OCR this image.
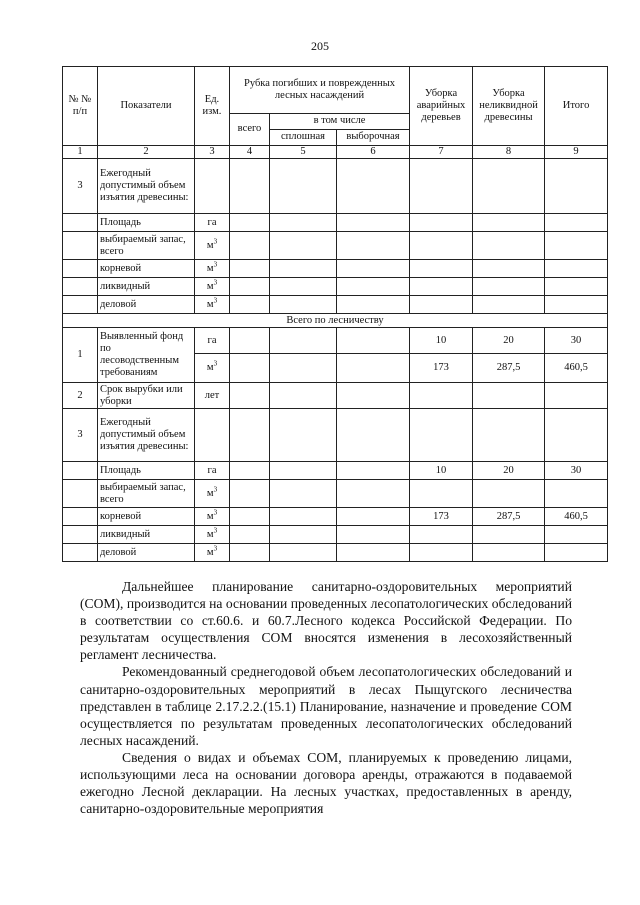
205
№ № п/п	Показатели	Ед. изм.	Рубка погибших и поврежденных лесных насаждений			Уборка аварийных деревьев	Уборка неликвидной древесины	Итого
			всего	в том числе				
				сплошная	выборочная			
1	2	3	4	5	6	7	8	9
3	Ежегодный допустимый объем изъятия древесины:							
	Площадь	га						
	выбираемый запас, всего	$м^3$						
	корневой	$м^3$						
	ликвидный	$м^3$						
	деловой	$м^3$						
Всего по лесничеству								
1	Выявленный фонд по лесоводственным требованиям	га				10	20	30
		$м^3$				173	287,5	460,5
2	Срок вырубки или уборки	лет						
3	Ежегодный допустимый объем изъятия древесины:							
	Площадь	га				10	20	30
	выбираемый запас, всего	$м^3$						
	корневой	$м^3$				173	287,5	460,5
	ликвидный	$м^3$						
	деловой	$м^3$						

Дальнейшее планирование санитарно-оздоровительных мероприятий (СОМ), производится на основании проведенных лесопатологических обследований в соответствии со ст.60.6. и 60.7.Лесного кодекса Российской Федерации. По результатам осуществления СОМ вносятся изменения в лесохозяйственный регламент лесничества.

Рекомендованный среднегодовой объем лесопатологических обследований и санитарно-оздоровительных мероприятий в лесах Пыщугского лесничества представлен в таблице 2.17.2.2.(15.1) Планирование, назначение и проведение СОМ осуществляется по результатам проведенных лесопатологических обследований лесных насаждений.

Сведения о видах и объемах СОМ, планируемых к проведению лицами, использующими леса на основании договора аренды, отражаются в подаваемой ежегодно Лесной декларации. На лесных участках, предоставленных в аренду, санитарно-оздоровительные мероприятия
